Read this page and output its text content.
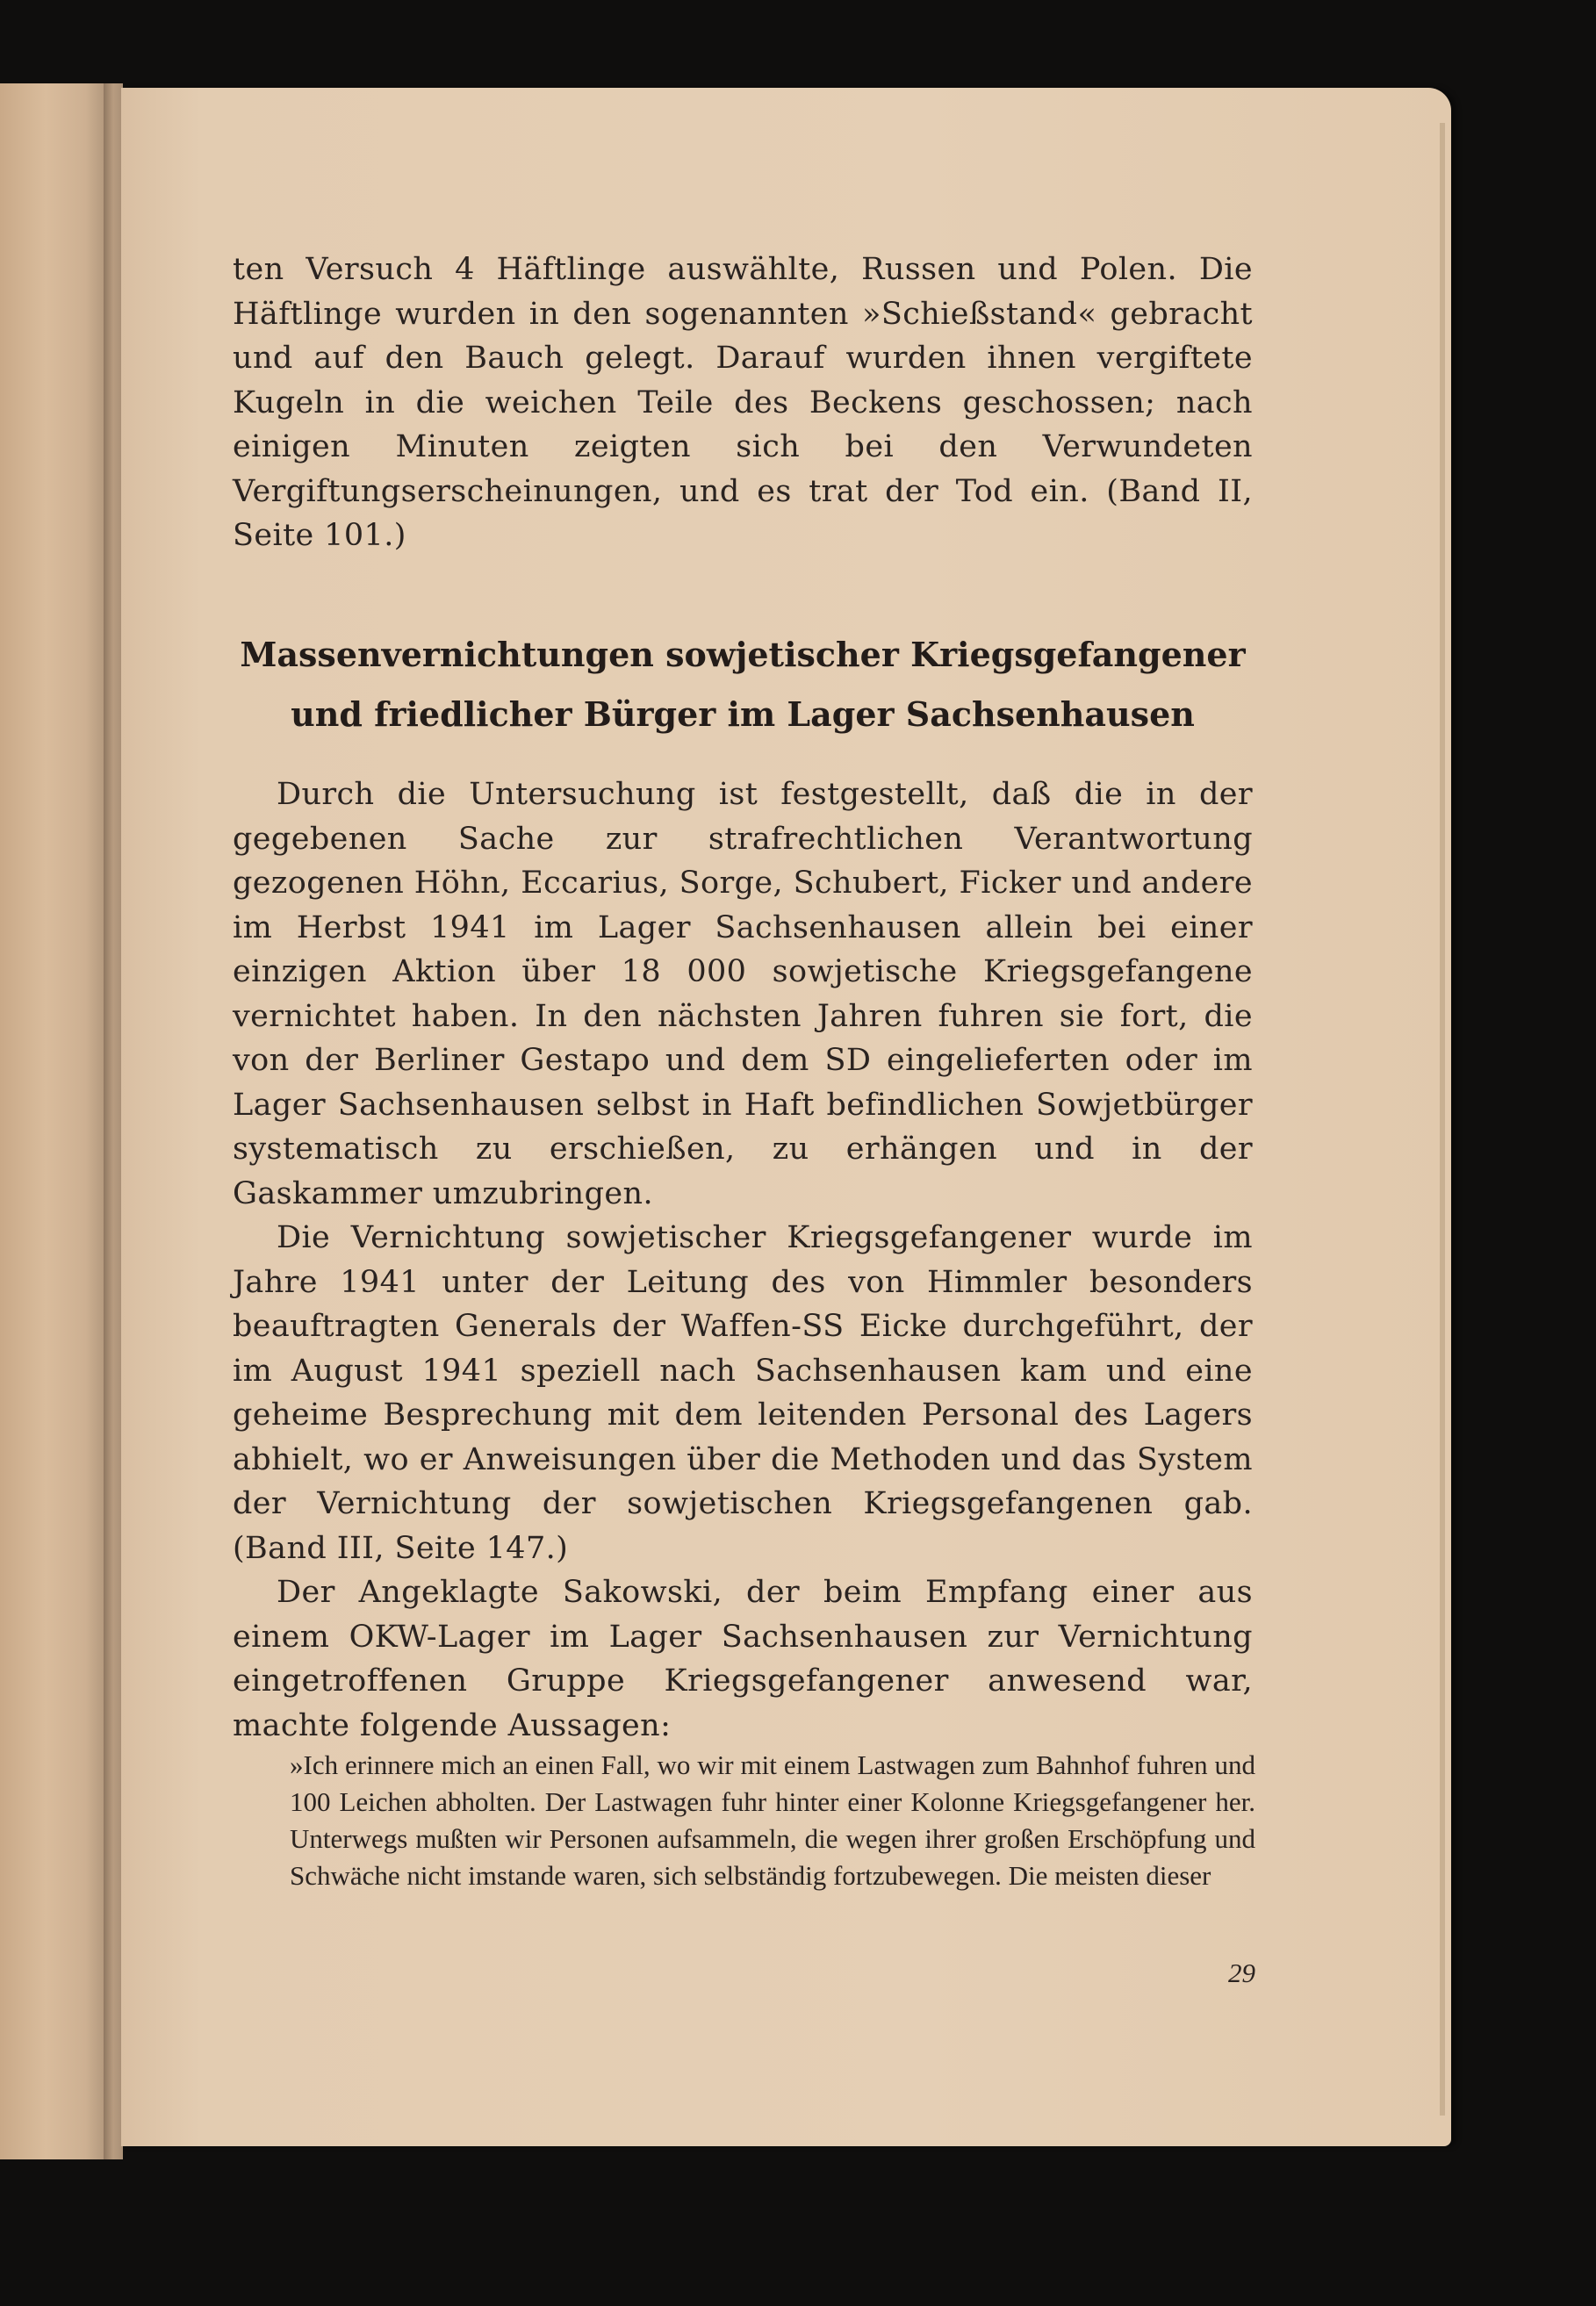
ten Versuch 4 Häftlinge auswählte, Russen und Polen. Die Häftlinge wurden in den sogenannten »Schießstand« gebracht und auf den Bauch gelegt. Darauf wurden ihnen vergiftete Kugeln in die weichen Teile des Beckens geschossen; nach einigen Minuten zeigten sich bei den Verwundeten Vergiftungserscheinungen, und es trat der Tod ein. (Band II, Seite 101.)

Massenvernichtungen sowjetischer Kriegsgefangener
und friedlicher Bürger im Lager Sachsenhausen

Durch die Untersuchung ist festgestellt, daß die in der gegebenen Sache zur strafrechtlichen Verantwortung gezogenen Höhn, Eccarius, Sorge, Schubert, Ficker und andere im Herbst 1941 im Lager Sachsenhausen allein bei einer einzigen Aktion über 18 000 sowjetische Kriegsgefangene vernichtet haben. In den nächsten Jahren fuhren sie fort, die von der Berliner Gestapo und dem SD eingelieferten oder im Lager Sachsenhausen selbst in Haft befindlichen Sowjetbürger systematisch zu erschießen, zu erhängen und in der Gaskammer umzubringen.

Die Vernichtung sowjetischer Kriegsgefangener wurde im Jahre 1941 unter der Leitung des von Himmler besonders beauftragten Generals der Waffen-SS Eicke durchgeführt, der im August 1941 speziell nach Sachsenhausen kam und eine geheime Besprechung mit dem leitenden Personal des Lagers abhielt, wo er Anweisungen über die Methoden und das System der Vernichtung der sowjetischen Kriegsgefangenen gab. (Band III, Seite 147.)

Der Angeklagte Sakowski, der beim Empfang einer aus einem OKW-Lager im Lager Sachsenhausen zur Vernichtung eingetroffenen Gruppe Kriegsgefangener anwesend war, machte folgende Aussagen:

»Ich erinnere mich an einen Fall, wo wir mit einem Lastwagen zum Bahnhof fuhren und 100 Leichen abholten. Der Lastwagen fuhr hinter einer Kolonne Kriegsgefangener her. Unterwegs mußten wir Personen aufsammeln, die wegen ihrer großen Erschöpfung und Schwäche nicht imstande waren, sich selbständig fortzubewegen. Die meisten dieser

29
